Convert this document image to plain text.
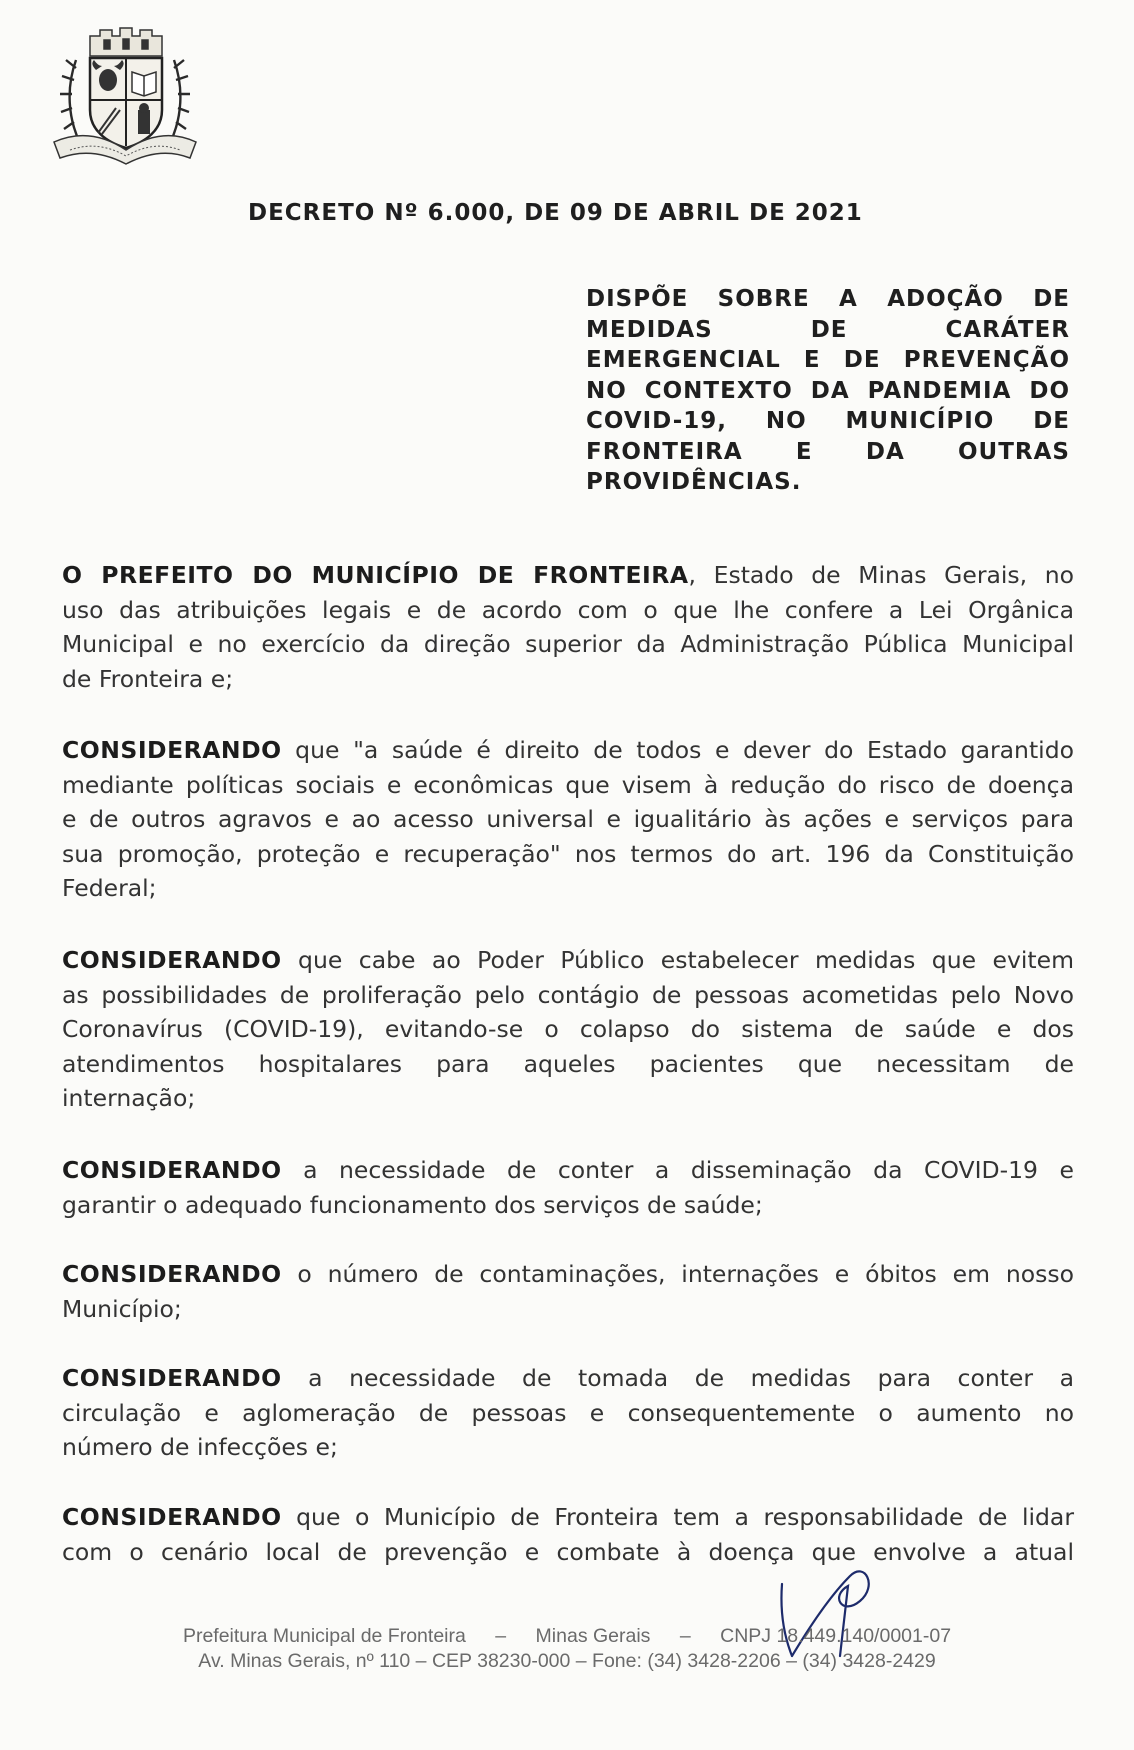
DECRETO Nº 6.000, DE 09 DE ABRIL DE 2021
DISPÕE SOBRE A ADOÇÃO DE
MEDIDAS DE CARÁTER
EMERGENCIAL E DE PREVENÇÃO
NO CONTEXTO DA PANDEMIA DO
COVID-19, NO MUNICÍPIO DE
FRONTEIRA E DA OUTRAS
PROVIDÊNCIAS.
O PREFEITO DO MUNICÍPIO DE FRONTEIRA, Estado de Minas Gerais, no
uso das atribuições legais e de acordo com o que lhe confere a Lei Orgânica
Municipal e no exercício da direção superior da Administração Pública Municipal
de Fronteira e;
CONSIDERANDO que "a saúde é direito de todos e dever do Estado garantido
mediante políticas sociais e econômicas que visem à redução do risco de doença
e de outros agravos e ao acesso universal e igualitário às ações e serviços para
sua promoção, proteção e recuperação" nos termos do art. 196 da Constituição
Federal;
CONSIDERANDO que cabe ao Poder Público estabelecer medidas que evitem
as possibilidades de proliferação pelo contágio de pessoas acometidas pelo Novo
Coronavírus (COVID-19), evitando-se o colapso do sistema de saúde e dos
atendimentos hospitalares para aqueles pacientes que necessitam de
internação;
CONSIDERANDO a necessidade de conter a disseminação da COVID-19 e
garantir o adequado funcionamento dos serviços de saúde;
CONSIDERANDO o número de contaminações, internações e óbitos em nosso
Município;
CONSIDERANDO a necessidade de tomada de medidas para conter a
circulação e aglomeração de pessoas e consequentemente o aumento no
número de infecções e;
CONSIDERANDO que o Município de Fronteira tem a responsabilidade de lidar
com o cenário local de prevenção e combate à doença que envolve a atual
Prefeitura Municipal de Fronteira – Minas Gerais – CNPJ 18.449.140/0001-07
Av. Minas Gerais, nº 110 – CEP 38230-000 – Fone: (34) 3428-2206 – (34) 3428-2429
